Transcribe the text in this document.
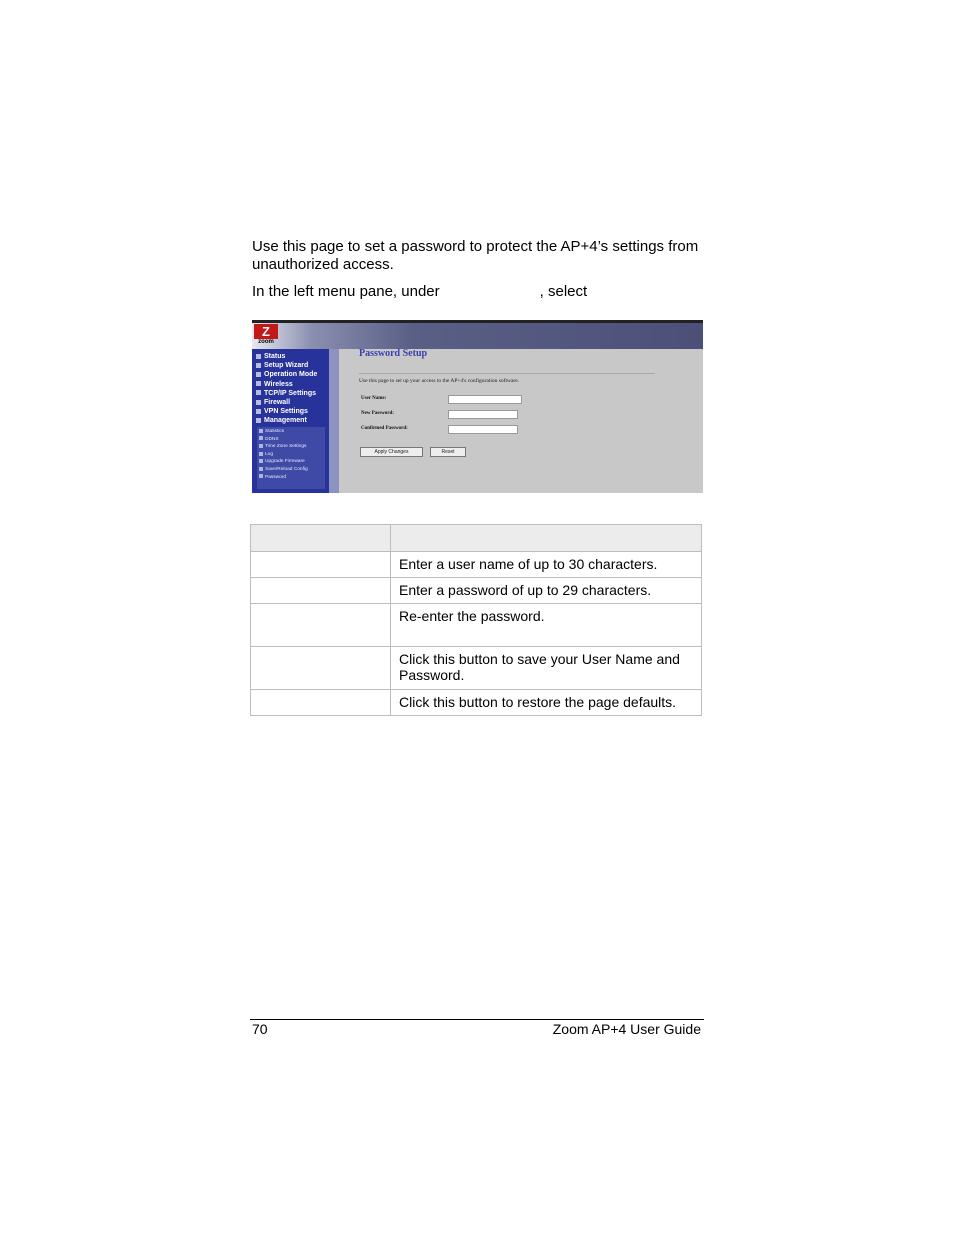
Use this page to set a password to protect the AP+4’s settings from unauthorized access.

In the left menu pane, under	, select

Z
zoom
Status
Setup Wizard
Operation Mode
Wireless
TCP/IP Settings
Firewall
VPN Settings
Management
Statistics
DDNS
Time Zone Settings
Log
Upgrade Firmware
Save/Reload Config
Password
Password Setup
Use this page to set up your access to the AP+4's configuration software.
User Name:
New Password:
Confirmed Password:
Apply Changes	Reset

	Enter a user name of up to 30 characters.
	Enter a password of up to 29 characters.
	Re-enter the password.
	Click this button to save your User Name and Password.
	Click this button to restore the page defaults.
70	Zoom AP+4 User Guide
